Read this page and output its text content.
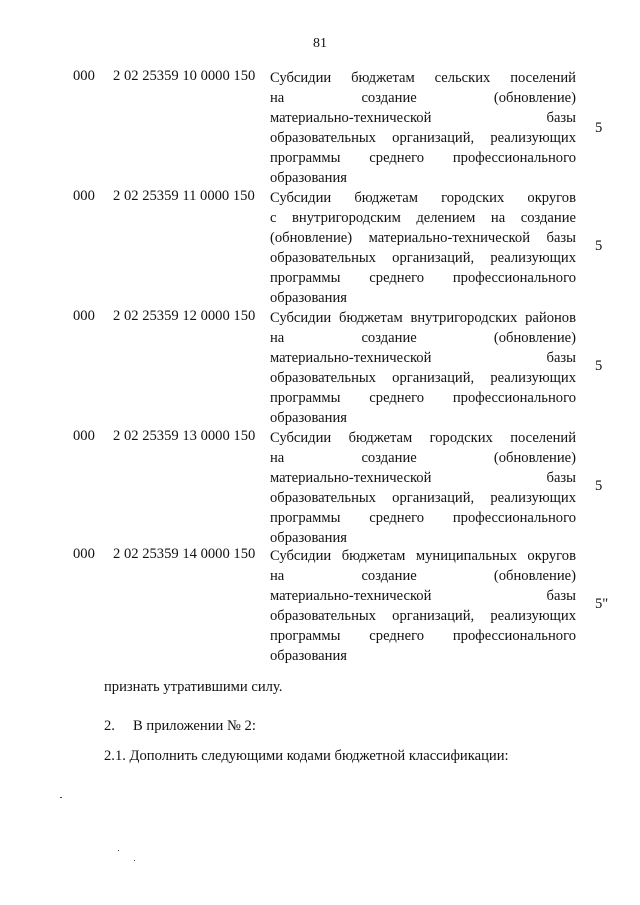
81
000 2 02 25359 10 0000 150 Субсидии бюджетам сельских поселений
на создание (обновление)
материально-технической базы
образовательных организаций, реализующих
программы среднего профессионального
образования
5
000 2 02 25359 11 0000 150 Субсидии бюджетам городских округов
с внутригородским делением на создание
(обновление) материально-технической базы
образовательных организаций, реализующих
программы среднего профессионального
образования
5
000 2 02 25359 12 0000 150 Субсидии бюджетам внутригородских районов
на создание (обновление)
материально-технической базы
образовательных организаций, реализующих
программы среднего профессионального
образования
5
000 2 02 25359 13 0000 150 Субсидии бюджетам городских поселений
на создание (обновление)
материально-технической базы
образовательных организаций, реализующих
программы среднего профессионального
образования
5
000 2 02 25359 14 0000 150 Субсидии бюджетам муниципальных округов
на создание (обновление)
материально-технической базы
образовательных организаций, реализующих
программы среднего профессионального
образования
5"
признать утратившими силу.
2. В приложении № 2:
2.1. Дополнить следующими кодами бюджетной классификации:
